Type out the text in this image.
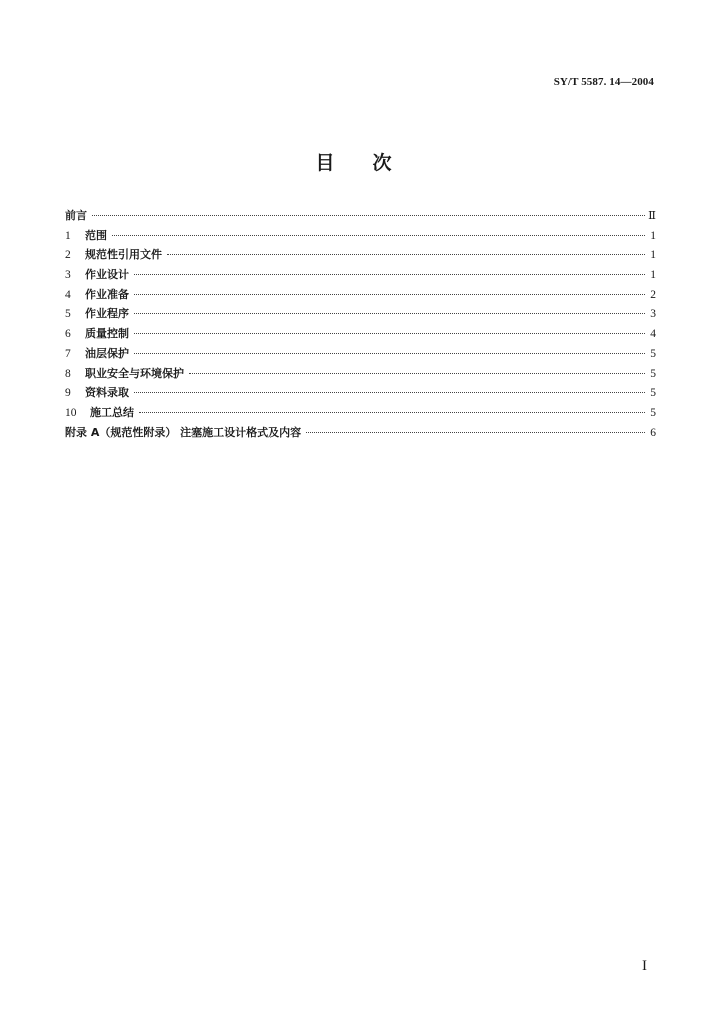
SY/T 5587. 14—2004
目 次
前言	Ⅱ
1	范围	1
2	规范性引用文件	1
3	作业设计	1
4	作业准备	2
5	作业程序	3
6	质量控制	4
7	油层保护	5
8	职业安全与环境保护	5
9	资料录取	5
10	施工总结	5
附录 A（规范性附录） 注塞施工设计格式及内容	6
I
